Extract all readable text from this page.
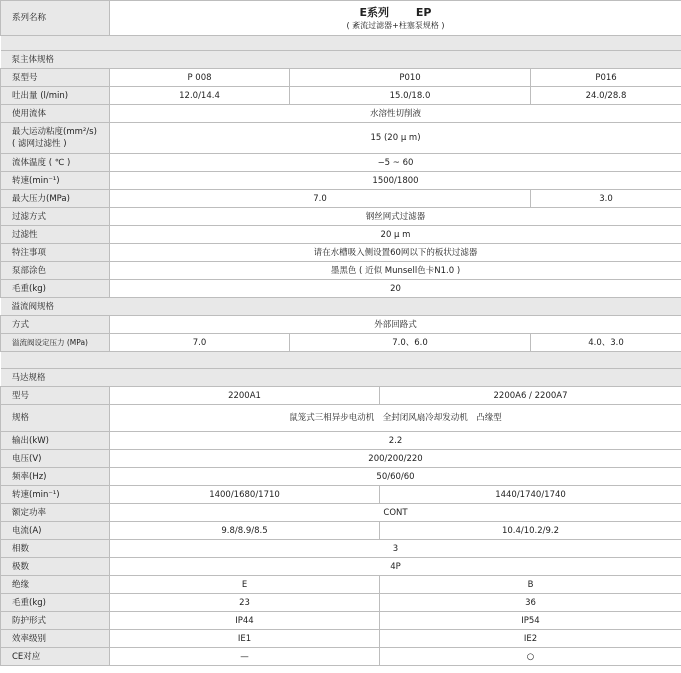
系列名称	E系列 EP
( 紊流过滤器+柱塞泵规格 )			

泵主体规格				
泵型号	P 008	P010		P016
吐出量 (l/min)	12.0/14.4	15.0/18.0		24.0/28.8
使用流体	水溶性切削液			
最大运动粘度(mm²/s)
( 滤网过滤性 )	15 (20 μ m)			
流体温度 ( ℃ )	−5 ~ 60			
转速(min⁻¹)	1500/1800			
最大压力(MPa)	7.0			3.0
过滤方式	钢丝网式过滤器			
过滤性	20 μ m			
特注事项	请在水槽吸入侧设置60网以下的板状过滤器			
泵部涂色	墨黑色 ( 近似 Munsell色卡N1.0 )			
毛重(kg)	20			
溢流阀规格				
方式	外部回路式			
溢流阀设定压力 (MPa)	7.0	7.0、6.0		4.0、3.0

马达规格				
型号	2200A1		2200A6 / 2200A7	
规格	鼠笼式三相异步电动机　全封闭风扇冷却发动机　凸缘型			
输出(kW)	2.2			
电压(V)	200/200/220			
频率(Hz)	50/60/60			
转速(min⁻¹)	1400/1680/1710		1440/1740/1740	
额定功率	CONT			
电流(A)	9.8/8.9/8.5		10.4/10.2/9.2	
相数	3			
极数	4P			
绝缘	E		B	
毛重(kg)	23		36	
防护形式	IP44		IP54	
效率级别	IE1		IE2	
CE对应	—		○	
